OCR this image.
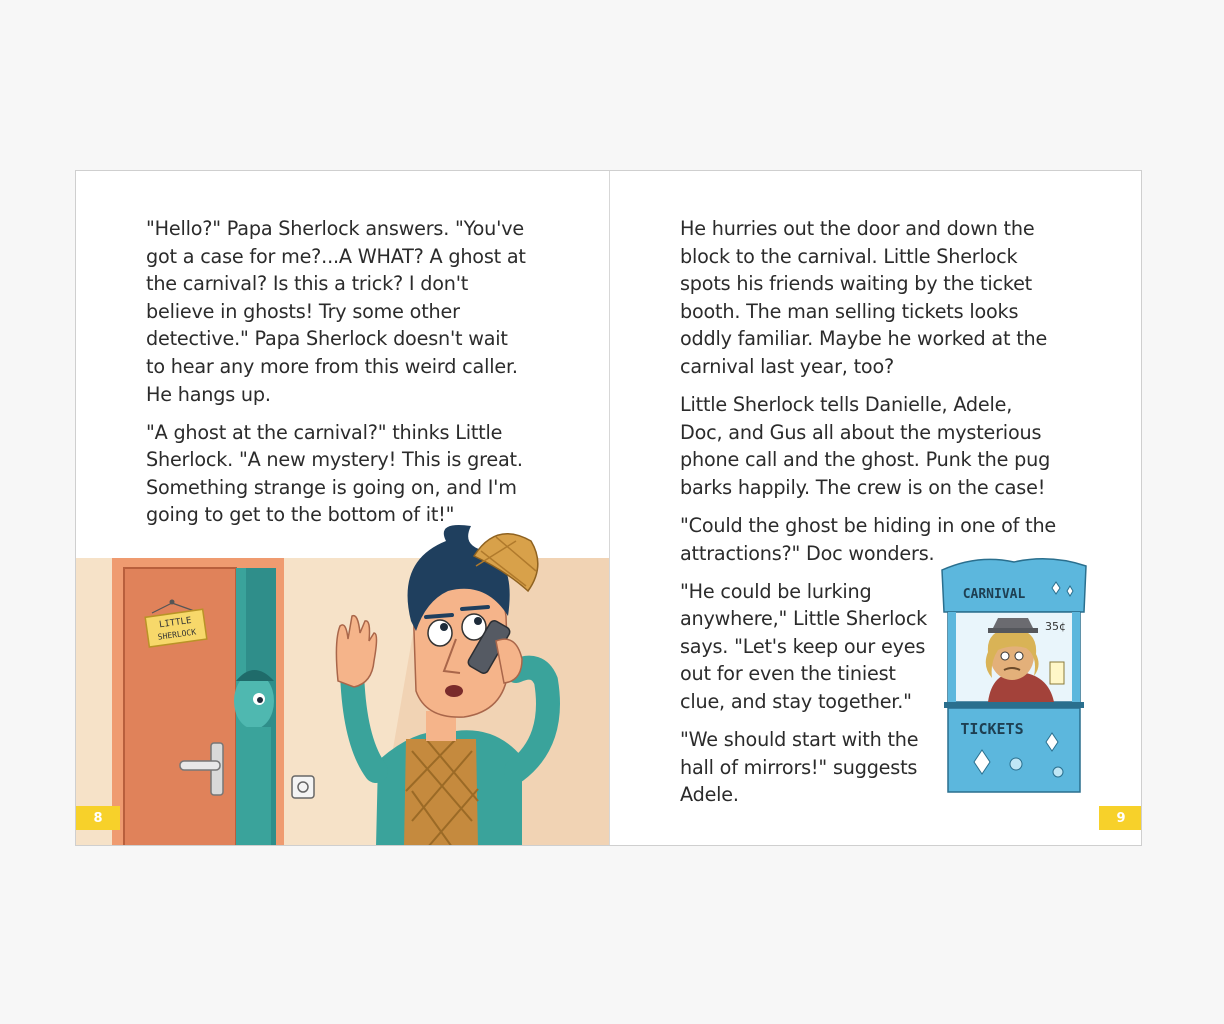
"Hello?" Papa Sherlock answers. "You've got a case for me?...A WHAT? A ghost at the carnival? Is this a trick? I don't believe in ghosts! Try some other detective." Papa Sherlock doesn't wait to hear any more from this weird caller. He hangs up.

"A ghost at the carnival?" thinks Little Sherlock. "A new mystery! This is great. Something strange is going on, and I'm going to get to the bottom of it!"

LITTLE
SHERLOCK
8

He hurries out the door and down the block to the carnival. Little Sherlock spots his friends waiting by the ticket booth. The man selling tickets looks oddly familiar. Maybe he worked at the carnival last year, too?

Little Sherlock tells Danielle, Adele, Doc, and Gus all about the mysterious phone call and the ghost. Punk the pug barks happily. The crew is on the case!

"Could the ghost be hiding in one of the attractions?" Doc wonders.

"He could be lurking anywhere," Little Sherlock says. "Let's keep our eyes out for even the tiniest clue, and stay together."

"We should start with the hall of mirrors!" suggests Adele.

CARNIVAL
35¢
TICKETS
9
